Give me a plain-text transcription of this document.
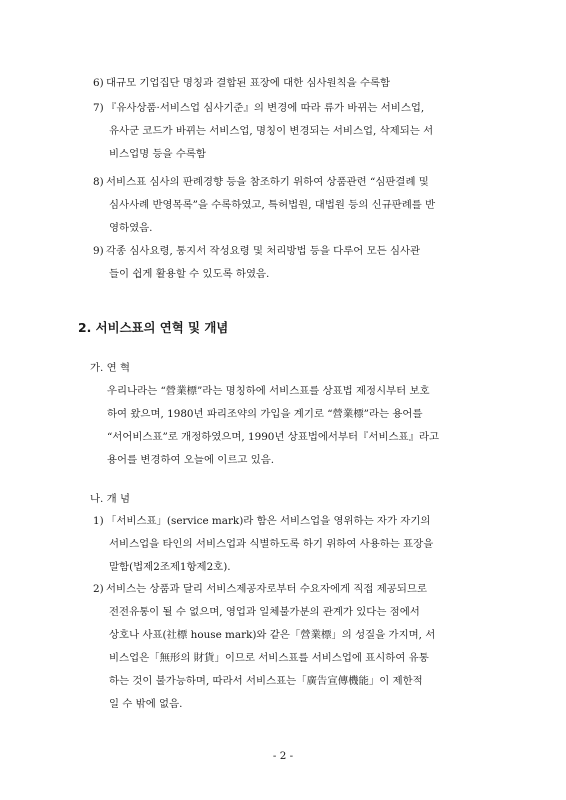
6) 대규모 기업집단 명칭과 결합된 표장에 대한 심사원칙을 수록함
7) 『유사상품·서비스업 심사기준』의 변경에 따라 류가 바뀌는 서비스업,
유사군 코드가 바뀌는 서비스업, 명칭이 변경되는 서비스업, 삭제되는 서
비스업명 등을 수록함
8) 서비스표 심사의 판례경향 등을 참조하기 위하여 상품관련 “심판결례 및
심사사례 반영목록”을 수록하였고, 특허법원, 대법원 등의 신규판례를 반
영하였음.
9) 각종 심사요령, 통지서 작성요령 및 처리방법 등을 다루어 모든 심사관
들이 쉽게 활용할 수 있도록 하였음.
2. 서비스표의 연혁 및 개념
가. 연 혁
우리나라는 “營業標”라는 명칭하에 서비스표를 상표법 제정시부터 보호
하여 왔으며, 1980년 파리조약의 가입을 계기로 “營業標”라는 용어를
“서어비스표”로 개정하였으며, 1990년 상표법에서부터『서비스표』라고
용어를 변경하여 오늘에 이르고 있음.
나. 개 념
1) 「서비스표」(service mark)라 함은 서비스업을 영위하는 자가 자기의
서비스업을 타인의 서비스업과 식별하도록 하기 위하여 사용하는 표장을
말함(법제2조제1항제2호).
2) 서비스는 상품과 달리 서비스제공자로부터 수요자에게 직접 제공되므로
전전유통이 될 수 없으며, 영업과 일체불가분의 관계가 있다는 점에서
상호나 사표(社標 house mark)와 같은「營業標」의 성질을 가지며, 서
비스업은「無形의 財貨」이므로 서비스표를 서비스업에 표시하여 유통
하는 것이 불가능하며, 따라서 서비스표는「廣告宣傳機能」이 제한적
일 수 밖에 없음.
- 2 -
